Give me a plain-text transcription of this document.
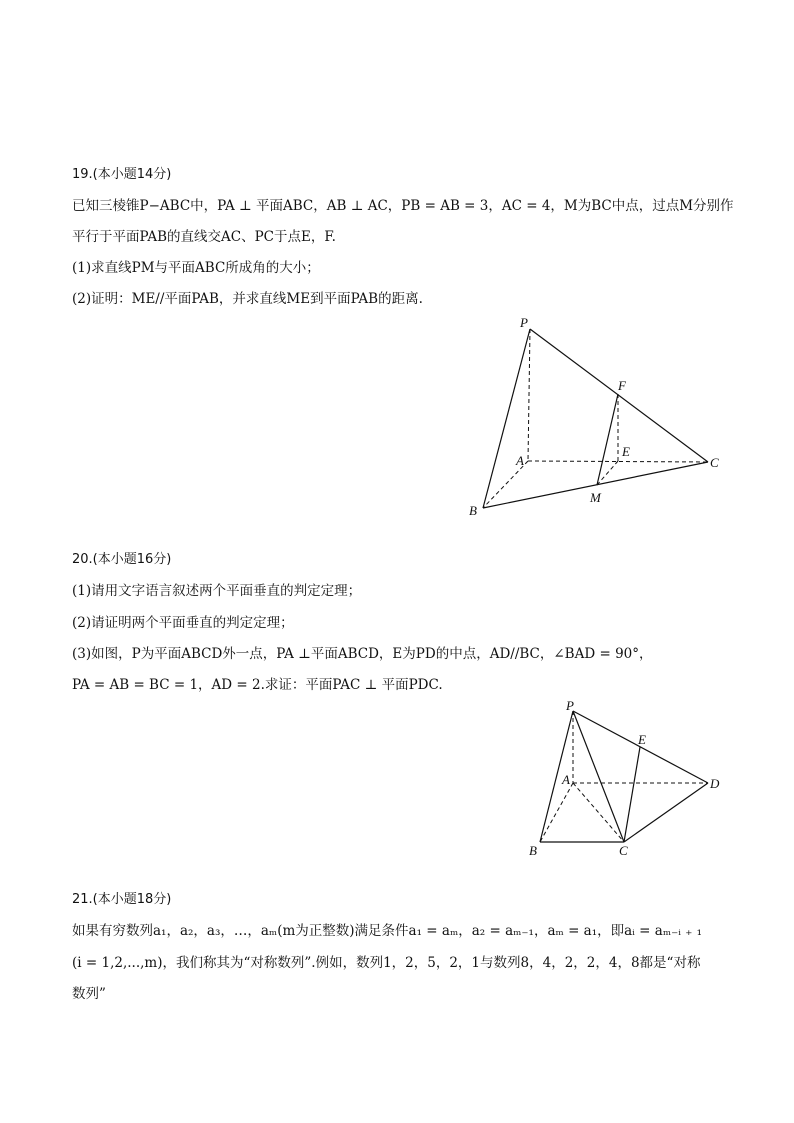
19.(本小题14分)
已知三棱锥P−ABC中，PA ⊥ 平面ABC，AB ⊥ AC，PB = AB = 3，AC = 4，M为BC中点，过点M分别作
平行于平面PAB的直线交AC、PC于点E，F.
(1)求直线PM与平面ABC所成角的大小；
(2)证明：ME//平面PAB，并求直线ME到平面PAB的距离.
P
F
E
A	C
M
B
20.(本小题16分)
(1)请用文字语言叙述两个平面垂直的判定定理；
(2)请证明两个平面垂直的判定定理；
(3)如图，P为平面ABCD外一点，PA ⊥平面ABCD，E为PD的中点，AD//BC，∠BAD = 90°，
PA = AB = BC = 1，AD = 2.求证：平面PAC ⊥ 平面PDC.
P
E
A	D
B	C
21.(本小题18分)
如果有穷数列a₁，a₂，a₃，…，aₘ(m为正整数)满足条件a₁ = aₘ，a₂ = aₘ₋₁，aₘ = a₁，即aᵢ = aₘ₋ᵢ ₊ ₁
(i = 1,2,...,m)，我们称其为“对称数列”.例如，数列1，2，5，2，1与数列8，4，2，2，4，8都是“对称
数列”
